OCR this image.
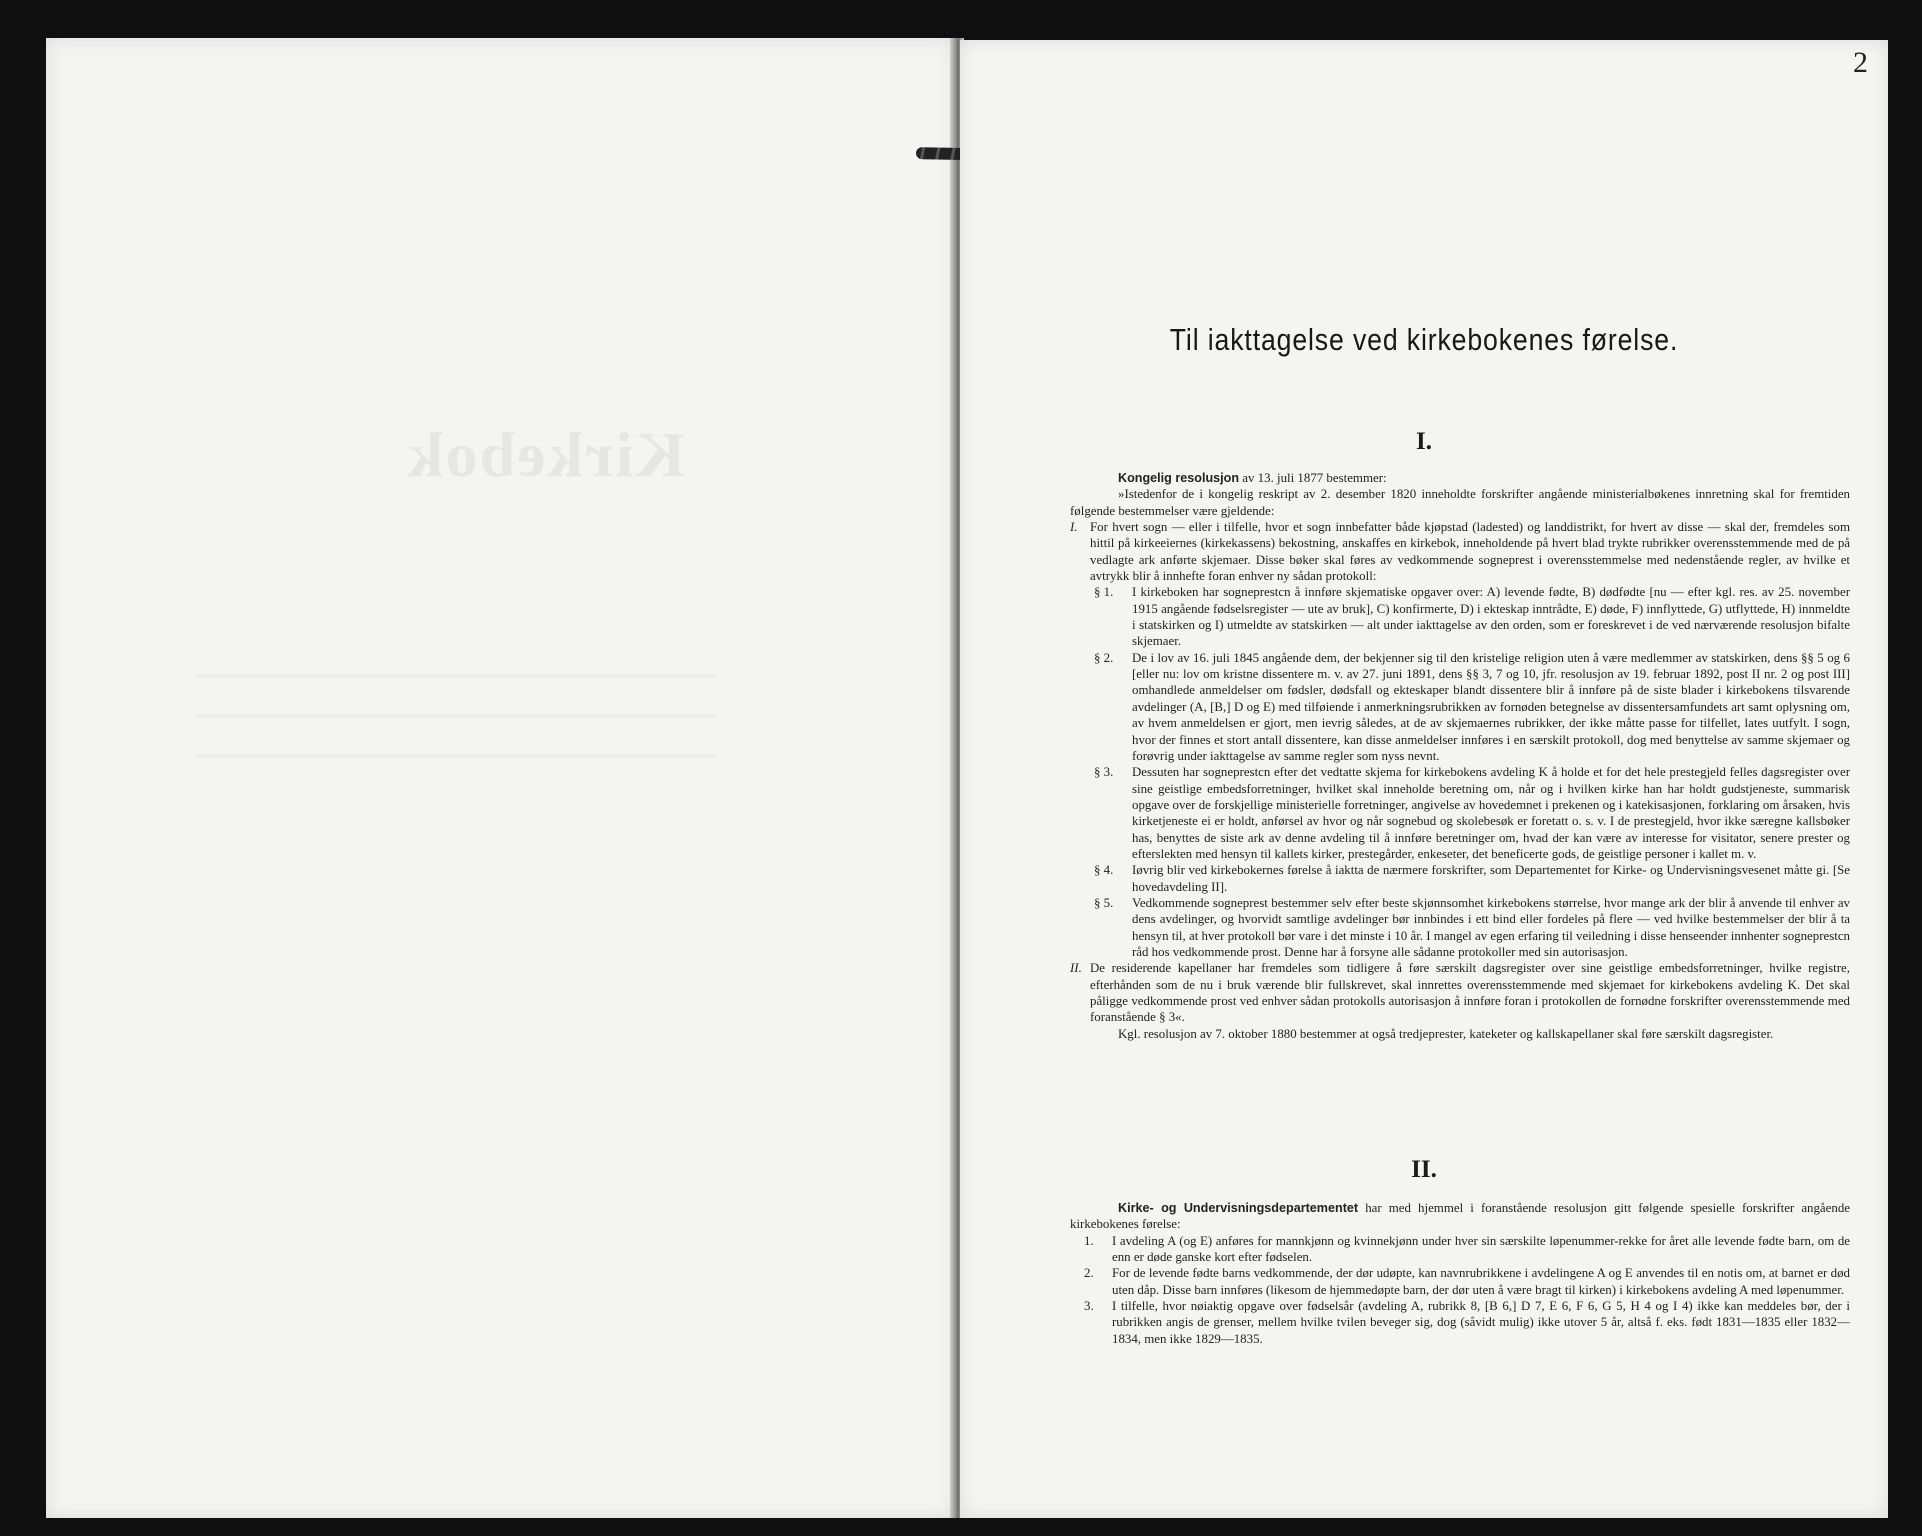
Kirkebok
2
Til iakttagelse ved kirkebokenes førelse.
I.

Kongelig resolusjon av 13. juli 1877 bestemmer:

»Istedenfor de i kongelig reskript av 2. desember 1820 inneholdte forskrifter angående ministerialbøkenes innretning skal for fremtiden følgende bestemmelser være gjeldende:

I. For hvert sogn — eller i tilfelle, hvor et sogn innbefatter både kjøpstad (ladested) og landdistrikt, for hvert av disse — skal der, fremdeles som hittil på kirkeeiernes (kirkekassens) bekostning, anskaffes en kirkebok, inneholdende på hvert blad trykte rubrikker overensstemmende med de på vedlagte ark anførte skjemaer. Disse bøker skal føres av vedkommende sogneprest i overensstemmelse med nedenstående regler, av hvilke et avtrykk blir å innhefte foran enhver ny sådan protokoll:
§ 1.	I kirkeboken har sogneprestcn å innføre skjematiske opgaver over: A) levende fødte, B) dødfødte [nu — efter kgl. res. av 25. november 1915 angående fødselsregister — ute av bruk], C) konfirmerte, D) i ekteskap inntrådte, E) døde, F) innflyttede, G) utflyttede, H) innmeldte i statskirken og I) utmeldte av statskirken — alt under iakttagelse av den orden, som er foreskrevet i de ved nærværende resolusjon bifalte skjemaer.
§ 2.	De i lov av 16. juli 1845 angående dem, der bekjenner sig til den kristelige religion uten å være medlemmer av statskirken, dens §§ 5 og 6 [eller nu: lov om kristne dissentere m. v. av 27. juni 1891, dens §§ 3, 7 og 10, jfr. resolusjon av 19. februar 1892, post II nr. 2 og post III] omhandlede anmeldelser om fødsler, dødsfall og ekteskaper blandt dissentere blir å innføre på de siste blader i kirkebokens tilsvarende avdelinger (A, [B,] D og E) med tilføiende i anmerkningsrubrikken av fornøden betegnelse av dissentersamfundets art samt oplysning om, av hvem anmeldelsen er gjort, men ievrig således, at de av skjemaernes rubrikker, der ikke måtte passe for tilfellet, lates uutfylt. I sogn, hvor der finnes et stort antall dissentere, kan disse anmeldelser innføres i en særskilt protokoll, dog med benyttelse av samme skjemaer og forøvrig under iakttagelse av samme regler som nyss nevnt.
§ 3.	Dessuten har sogneprestcn efter det vedtatte skjema for kirkebokens avdeling K å holde et for det hele prestegjeld felles dagsregister over sine geistlige embedsforretninger, hvilket skal inneholde beretning om, når og i hvilken kirke han har holdt gudstjeneste, summarisk opgave over de forskjellige ministerielle forretninger, angivelse av hovedemnet i prekenen og i katekisasjonen, forklaring om årsaken, hvis kirketjeneste ei er holdt, anførsel av hvor og når sognebud og skolebesøk er foretatt o. s. v. I de prestegjeld, hvor ikke særegne kallsbøker has, benyttes de siste ark av denne avdeling til å innføre beretninger om, hvad der kan være av interesse for visitator, senere prester og efterslekten med hensyn til kallets kirker, prestegårder, enkeseter, det beneficerte gods, de geistlige personer i kallet m. v.
§ 4.	Iøvrig blir ved kirkebokernes førelse å iaktta de nærmere forskrifter, som Departementet for Kirke- og Undervisningsvesenet måtte gi. [Se hovedavdeling II].
§ 5.	Vedkommende sogneprest bestemmer selv efter beste skjønnsomhet kirkebokens størrelse, hvor mange ark der blir å anvende til enhver av dens avdelinger, og hvorvidt samtlige avdelinger bør innbindes i ett bind eller fordeles på flere — ved hvilke bestemmelser der blir å ta hensyn til, at hver protokoll bør vare i det minste i 10 år. I mangel av egen erfaring til veiledning i disse henseender innhenter sogneprestcn råd hos vedkommende prost. Denne har å forsyne alle sådanne protokoller med sin autorisasjon.
II. De residerende kapellaner har fremdeles som tidligere å føre særskilt dagsregister over sine geistlige embedsforretninger, hvilke registre, efterhånden som de nu i bruk værende blir fullskrevet, skal innrettes overensstemmende med skjemaet for kirkebokens avdeling K. Det skal påligge vedkommende prost ved enhver sådan protokolls autorisasjon å innføre foran i protokollen de fornødne forskrifter overensstemmende med foranstående § 3«.

Kgl. resolusjon av 7. oktober 1880 bestemmer at også tredjeprester, kateketer og kallskapellaner skal føre særskilt dagsregister.

II.

Kirke- og Undervisningsdepartementet har med hjemmel i foranstående resolusjon gitt følgende spesielle forskrifter angående kirkebokenes førelse:

1.	I avdeling A (og E) anføres for mannkjønn og kvinnekjønn under hver sin særskilte løpenummer-rekke for året alle levende fødte barn, om de enn er døde ganske kort efter fødselen.
2.	For de levende fødte barns vedkommende, der dør udøpte, kan navnrubrikkene i avdelingene A og E anvendes til en notis om, at barnet er død uten dåp. Disse barn innføres (likesom de hjemmedøpte barn, der dør uten å være bragt til kirken) i kirkebokens avdeling A med løpenummer.
3.	I tilfelle, hvor nøiaktig opgave over fødselsår (avdeling A, rubrikk 8, [B 6,] D 7, E 6, F 6, G 5, H 4 og I 4) ikke kan meddeles bør, der i rubrikken angis de grenser, mellem hvilke tvilen beveger sig, dog (såvidt mulig) ikke utover 5 år, altså f. eks. født 1831—1835 eller 1832—1834, men ikke 1829—1835.
